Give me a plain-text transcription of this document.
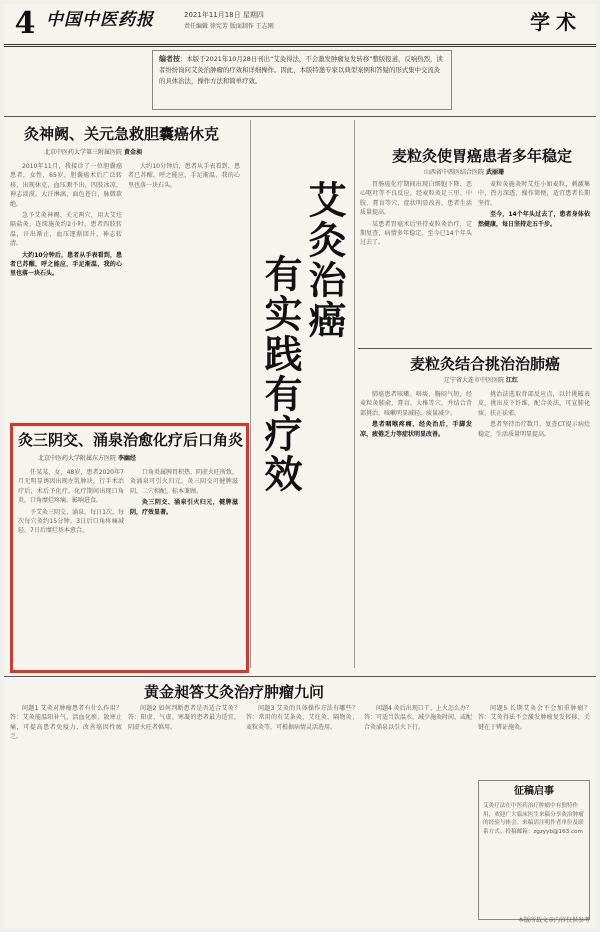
4 中国中医药报	2021年11月18日 星期四
责任编辑 徐宪芳 版面制作 王志刚	学术
编者按：本版于2021年10月28日刊出“艾灸得法，不会激发肿瘤复发转移”整版报道，反响热烈，读者纷纷询问艾灸治肿瘤的疗效和详细操作。因此，本版特邀专家以典型案例和答疑的形式集中交流灸的具体治法，操作方法和简单疗效。
灸神阙、关元急救胆囊癌休克
北京中医药大学第三附属医院 黄金昶

2010年11月，我接诊了一位胆囊癌患者，女性，65岁，胆囊癌术后广泛转移，出现休克，血压测不出，四肢冰凉，神志淡漠，大汗淋漓，面色苍白，脉微欲绝。

急予艾灸神阙、关元两穴，用大艾炷隔盐灸，连续施灸约2小时，患者四肢转温，汗出渐止，血压逐渐回升，神志转清。

大约10分钟后，患者从手表看到，患者已苏醒，呼之能应，手足渐温，我的心里也落一块石头。

大约10分钟后，患者从手表看到，患者已苏醒，呼之能应，手足渐温，我的心里也落一块石头。	艾灸治癌
有实践有疗效
麦粒灸使胃癌患者多年稳定
山西省中西医结合医院 武丽珊

胃肠癌化疗期间出现白细胞下降、恶心呕吐等不良反应，经麦粒灸足三里、中脘、膏肓等穴，症状明显改善，患者生活质量提高。

某患者胃癌术后坚持麦粒灸治疗，定期复查，病情多年稳定，至今已14个年头过去了。

麦粒灸施灸时艾炷小如麦粒，刺激集中，热力深透，操作简便，适宜患者长期坚持。

至今，14个年头过去了，患者身体依然健康，每日坚持走五千步。

麦粒灸结合挑治治肺癌
辽宁省大连市中医医院 江红

肺癌患者咳嗽、咯痰、胸闷气短，经麦粒灸肺俞、膏肓、大椎等穴，并结合背部挑治，咳嗽明显减轻，痰量减少。

患者咽喉疼痛，经灸治后，手脚发凉、疲倦乏力等症状明显改善。

挑治法选取背部反应点，以针挑破表皮，挑出皮下纤维，配合灸法，可宣肺化痰、扶正祛邪。

患者坚持治疗数月，复查CT提示病灶稳定，生活质量明显提高。

灸三阴交、涌泉治愈化疗后口角炎
北京中医药大学附属东方医院 李幽经

任某某，女，48岁，患者2020年7月无明显诱因出现左乳肿块，行手术治疗后，术后予化疗。化疗期间出现口角炎，口角糜烂疼痛，影响进食。

予艾灸三阴交、涌泉，每日1次，每次每穴灸约15分钟。3日后口角疼痛减轻，7日后糜烂基本愈合。

口角炎属脾胃积热、阴虚火旺所致，灸涌泉可引火归元，灸三阴交可健脾滋阴，二穴相配，标本兼顾。

灸三阴交、涌泉引火归元，健脾滋阴，疗效显著。

黄金昶答艾灸治疗肿瘤九问

问题1 艾灸对肿瘤患者有什么作用？答：艾灸能温阳补气、活血化瘀、散寒止痛，可提高患者免疫力，改善癌因性疲乏。

问题2 如何判断患者是否适合艾灸？答：阳虚、气虚、寒凝的患者最为适宜，阴虚火旺者慎用。

问题3 艾灸的具体操作方法有哪些？答：常用的有艾条灸、艾炷灸、隔物灸、麦粒灸等，可根据病情灵活选用。

问题4 灸后出现口干、上火怎么办？答：可适当饮温水，减少施灸时间，或配合灸涌泉以引火下行。

问题5 长期艾灸会不会加重肿瘤？答：艾灸得法不会激发肿瘤复发转移，关键在于辨证施灸。

征稿启事
艾灸疗法在中医药治疗肿瘤中有独特作用，欢迎广大临床医生来稿分享灸治肿瘤的经验与体会。来稿请注明作者单位及联系方式。投稿邮箱：zgzyyb@163.com
本版所载文章内容仅供参考
